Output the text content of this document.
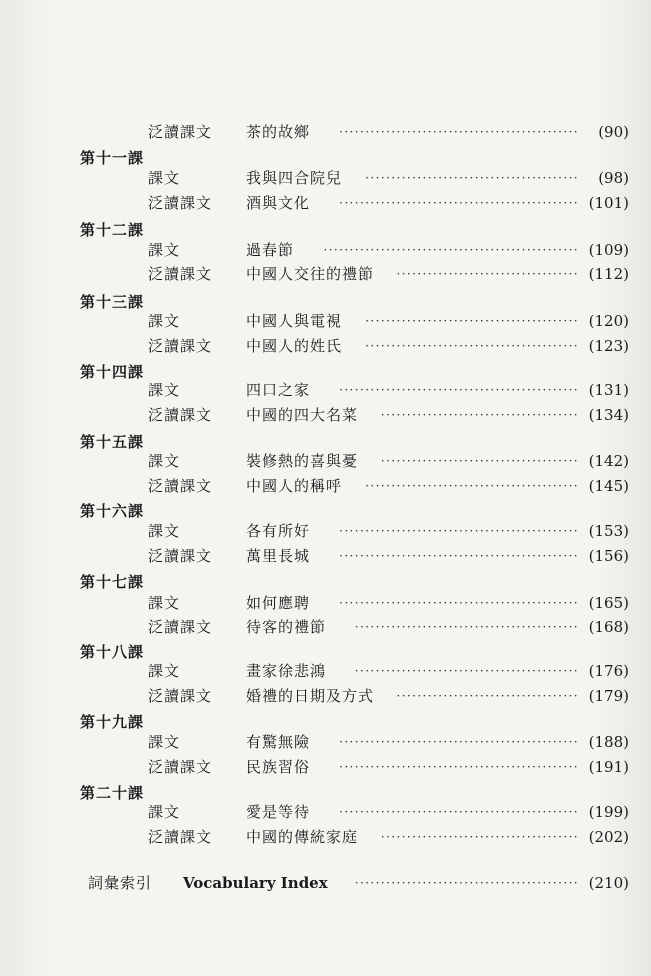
泛讀課文 茶的故鄉	··············································	(90)
第十一課
課文	我與四合院兒	·········································	(98)
泛讀課文 酒與文化	·············································· (101)
第十二課
課文	過春節	················································· (109)
泛讀課文 中國人交往的禮節	··································· (112)
第十三課
課文	中國人與電視	········································· (120)
泛讀課文 中國人的姓氏	········································· (123)
第十四課
課文	四口之家	·············································· (131)
泛讀課文 中國的四大名菜	······································ (134)
第十五課
課文	裝修熱的喜與憂	······································ (142)
泛讀課文 中國人的稱呼	········································· (145)
第十六課
課文	各有所好	·············································· (153)
泛讀課文 萬里長城	·············································· (156)
第十七課
課文	如何應聘	·············································· (165)
泛讀課文 待客的禮節	··········································· (168)
第十八課
課文	畫家徐悲鴻	··········································· (176)
泛讀課文 婚禮的日期及方式	··································· (179)
第十九課
課文	有驚無險	·············································· (188)
泛讀課文 民族習俗	·············································· (191)
第二十課
課文	愛是等待	·············································· (199)
泛讀課文 中國的傳統家庭	······································ (202)
詞彙索引 Vocabulary Index	··········································· (210)
